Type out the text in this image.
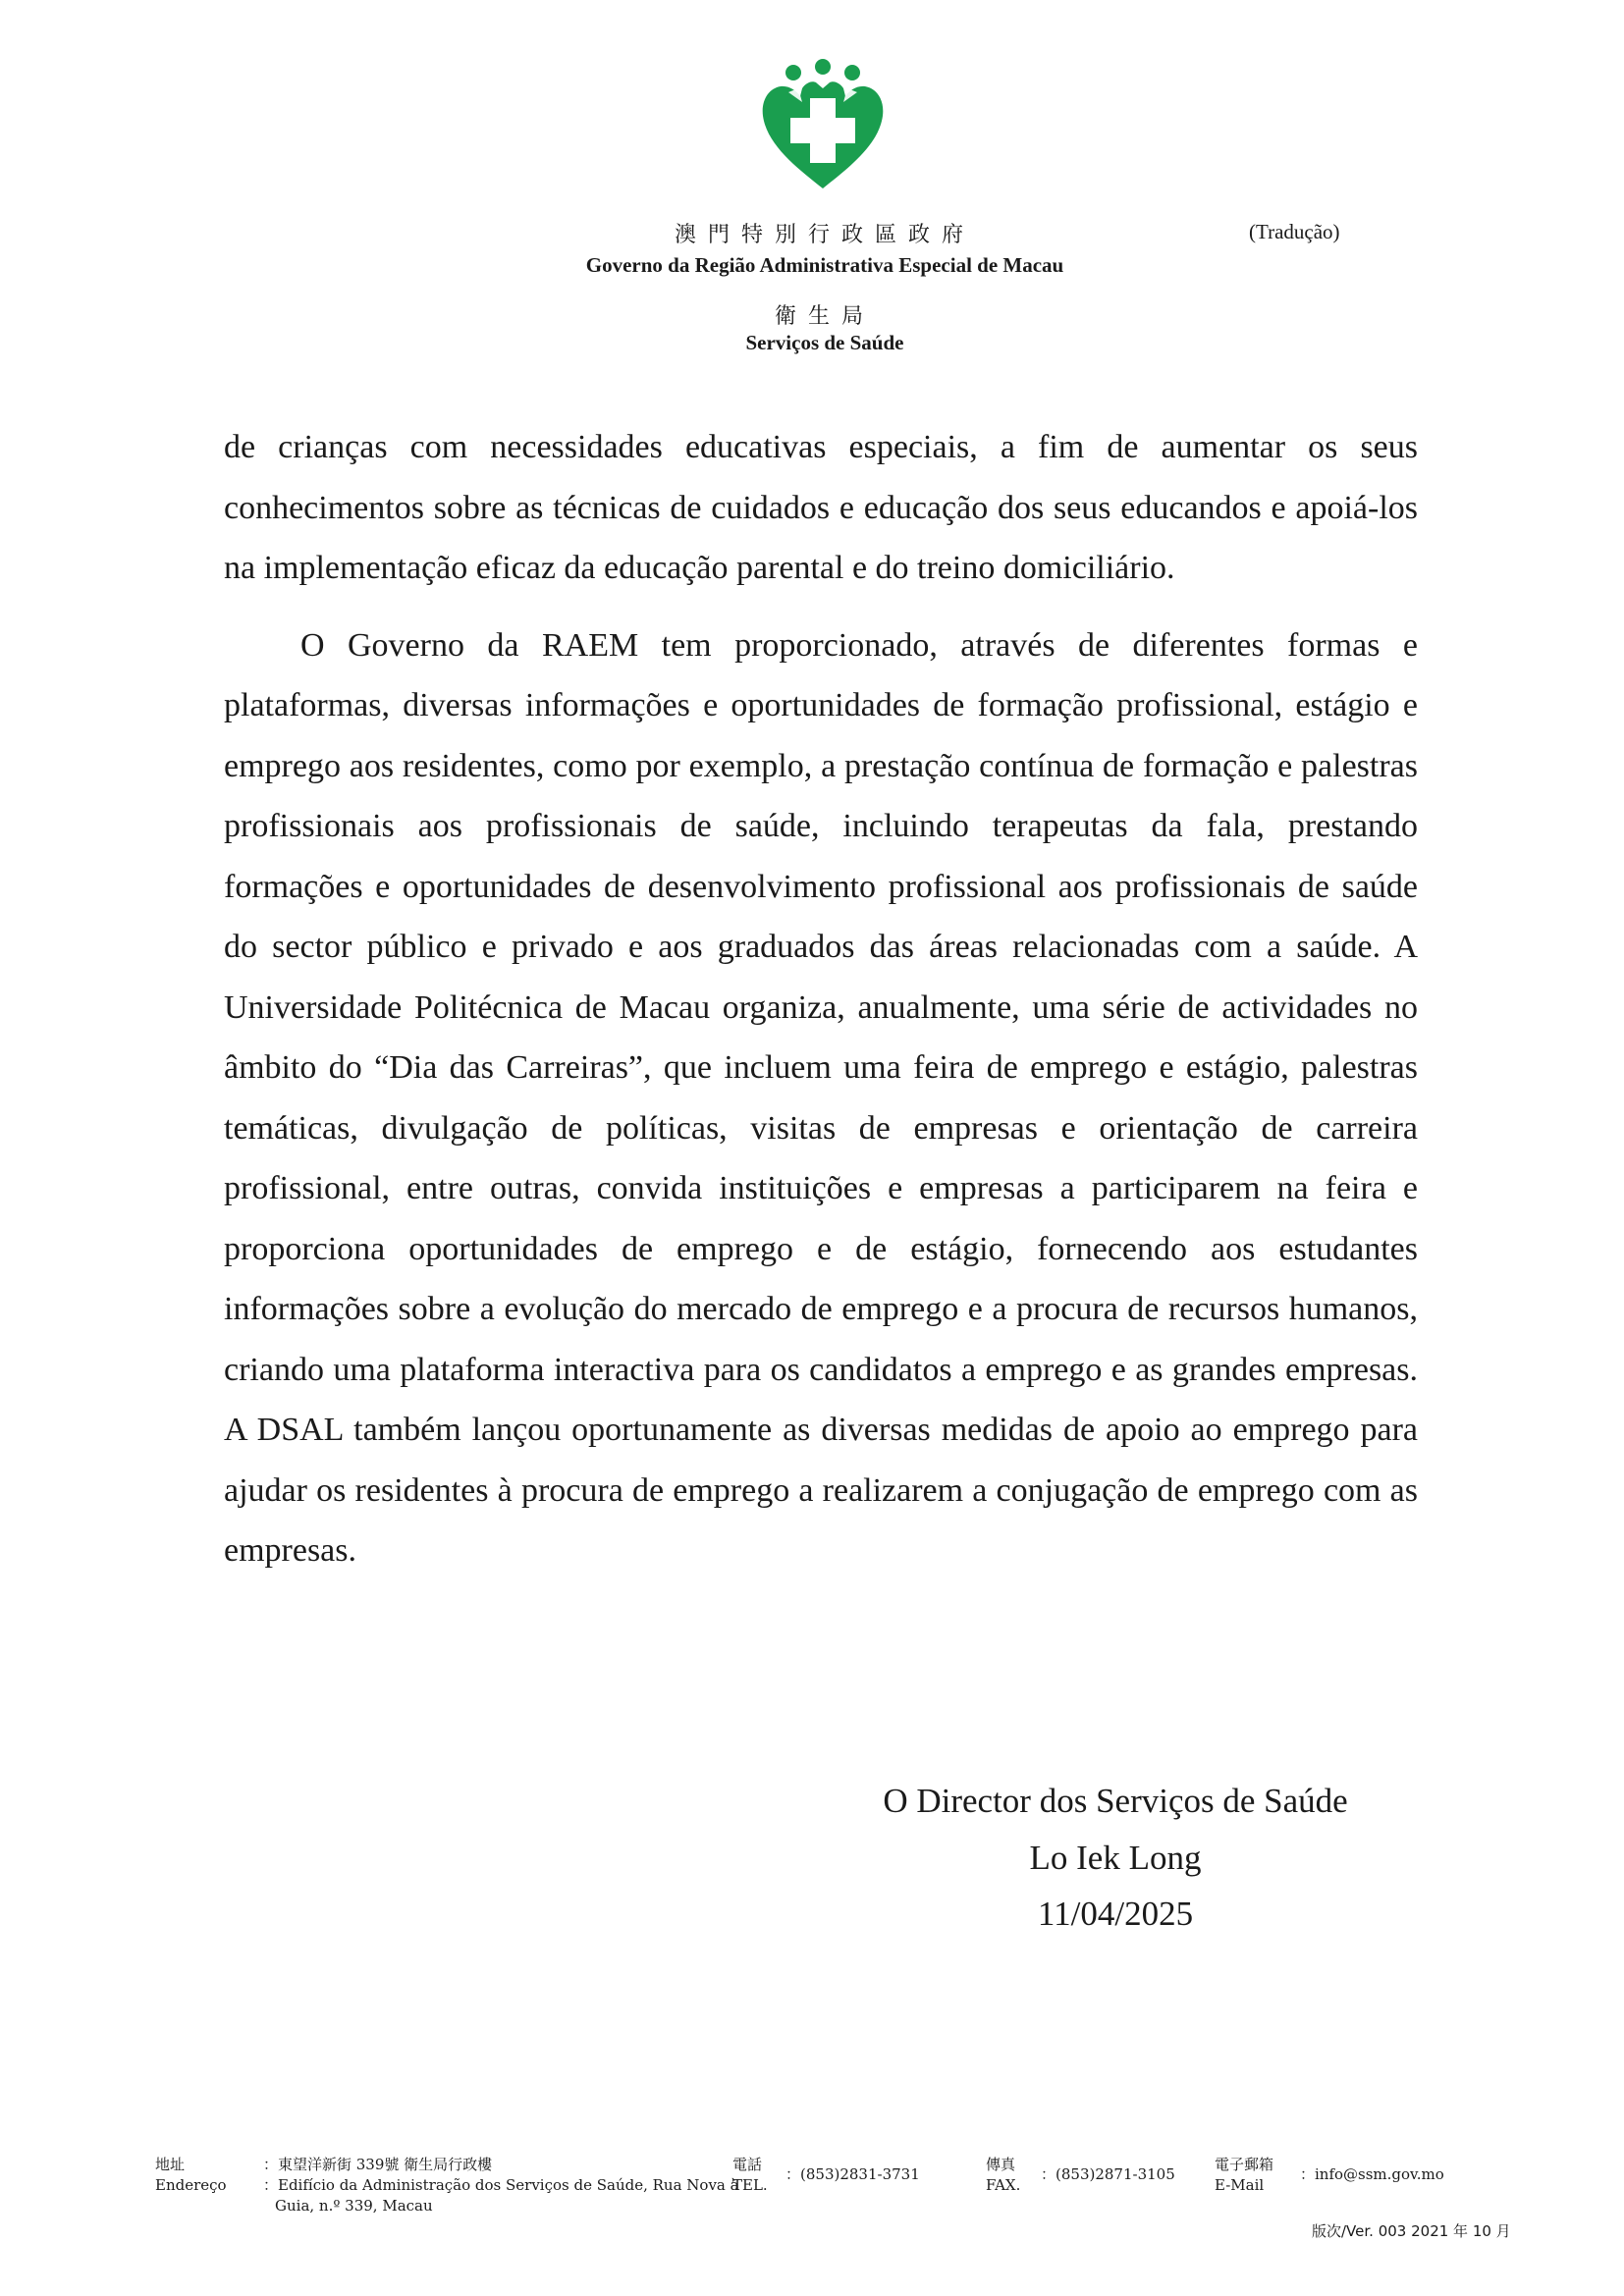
澳門特別行政區政府
Governo da Região Administrativa Especial de Macau
衛生局
Serviços de Saúde
(Tradução)

de crianças com necessidades educativas especiais, a fim de aumentar os seus conhecimentos sobre as técnicas de cuidados e educação dos seus educandos e apoiá-los na implementação eficaz da educação parental e do treino domiciliário.

O Governo da RAEM tem proporcionado, através de diferentes formas e plataformas, diversas informações e oportunidades de formação profissional, estágio e emprego aos residentes, como por exemplo, a prestação contínua de formação e palestras profissionais aos profissionais de saúde, incluindo terapeutas da fala, prestando formações e oportunidades de desenvolvimento profissional aos profissionais de saúde do sector público e privado e aos graduados das áreas relacionadas com a saúde. A Universidade Politécnica de Macau organiza, anualmente, uma série de actividades no âmbito do “Dia das Carreiras”, que incluem uma feira de emprego e estágio, palestras temáticas, divulgação de políticas, visitas de empresas e orientação de carreira profissional, entre outras, convida instituições e empresas a participarem na feira e proporciona oportunidades de emprego e de estágio, fornecendo aos estudantes informações sobre a evolução do mercado de emprego e a procura de recursos humanos, criando uma plataforma interactiva para os candidatos a emprego e as grandes empresas. A DSAL também lançou oportunamente as diversas medidas de apoio ao emprego para ajudar os residentes à procura de emprego a realizarem a conjugação de emprego com as empresas.

O Director dos Serviços de Saúde
Lo Iek Long
11/04/2025
地址
Endereço
：東望洋新街 339號 衛生局行政樓
：Edifício da Administração dos Serviços de Saúde, Rua Nova à
Guia, n.º 339, Macau
電話
TEL.
：(853)2831-3731
傳真
FAX.
：(853)2871-3105
電子郵箱
E-Mail
：info@ssm.gov.mo
版次/Ver. 003 2021 年 10 月
